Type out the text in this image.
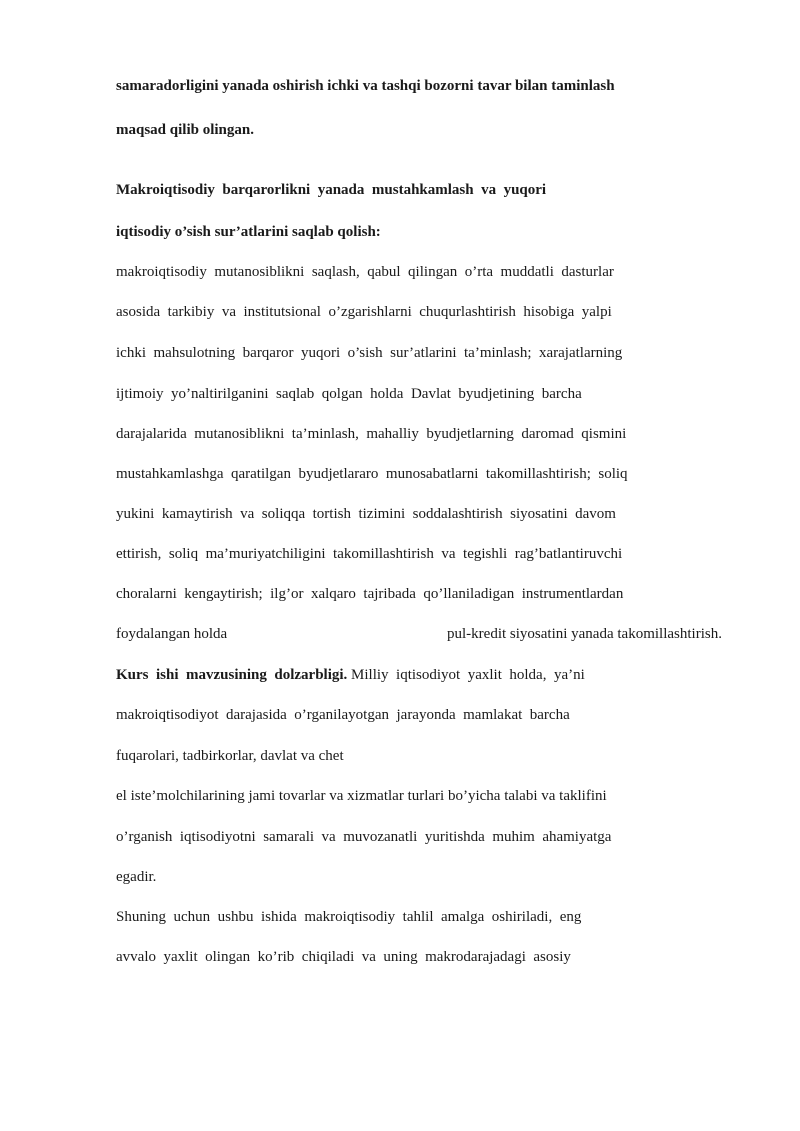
samaradorligini yanada oshirish ichki va tashqi bozorni tavar bilan taminlash

maqsad qilib olingan.

Makroiqtisodiy  barqarorlikni  yanada  mustahkamlash  va  yuqori

iqtisodiy o’sish sur’atlarini saqlab qolish:

makroiqtisodiy  mutanosiblikni  saqlash,  qabul  qilingan  o’rta  muddatli  dasturlar

asosida  tarkibiy  va  institutsional  o’zgarishlarni  chuqurlashtirish  hisobiga  yalpi

ichki  mahsulotning  barqaror  yuqori  o’sish  sur’atlarini  ta’minlash;  xarajatlarning

ijtimoiy  yo’naltirilganini  saqlab  qolgan  holda  Davlat  byudjetining  barcha

darajalarida  mutanosiblikni  ta’minlash,  mahalliy  byudjetlarning  daromad  qismini

mustahkamlashga  qaratilgan  byudjetlararo  munosabatlarni  takomillashtirish;  soliq

yukini  kamaytirish  va  soliqqa  tortish  tizimini  soddalashtirish  siyosatini  davom

ettirish,  soliq  ma’muriyatchiligini  takomillashtirish  va  tegishli  rag’batlantiruvchi

choralarni  kengaytirish;  ilg’or  xalqaro  tajribada  qo’llaniladigan  instrumentlardan

foydalangan holda	pul-kredit siyosatini yanada takomillashtirish.

Kurs  ishi  mavzusining  dolzarbligi. Milliy  iqtisodiyot  yaxlit  holda,  ya’ni

makroiqtisodiyot  darajasida  o’rganilayotgan  jarayonda  mamlakat  barcha

fuqarolari, tadbirkorlar, davlat va chet

el iste’molchilarining jami tovarlar va xizmatlar turlari bo’yicha talabi va taklifini

o’rganish  iqtisodiyotni  samarali  va  muvozanatli  yuritishda  muhim  ahamiyatga

egadir.

Shuning  uchun  ushbu  ishida  makroiqtisodiy  tahlil  amalga  oshiriladi,  eng

avvalo  yaxlit  olingan  ko’rib  chiqiladi  va  uning  makrodarajadagi  asosiy
